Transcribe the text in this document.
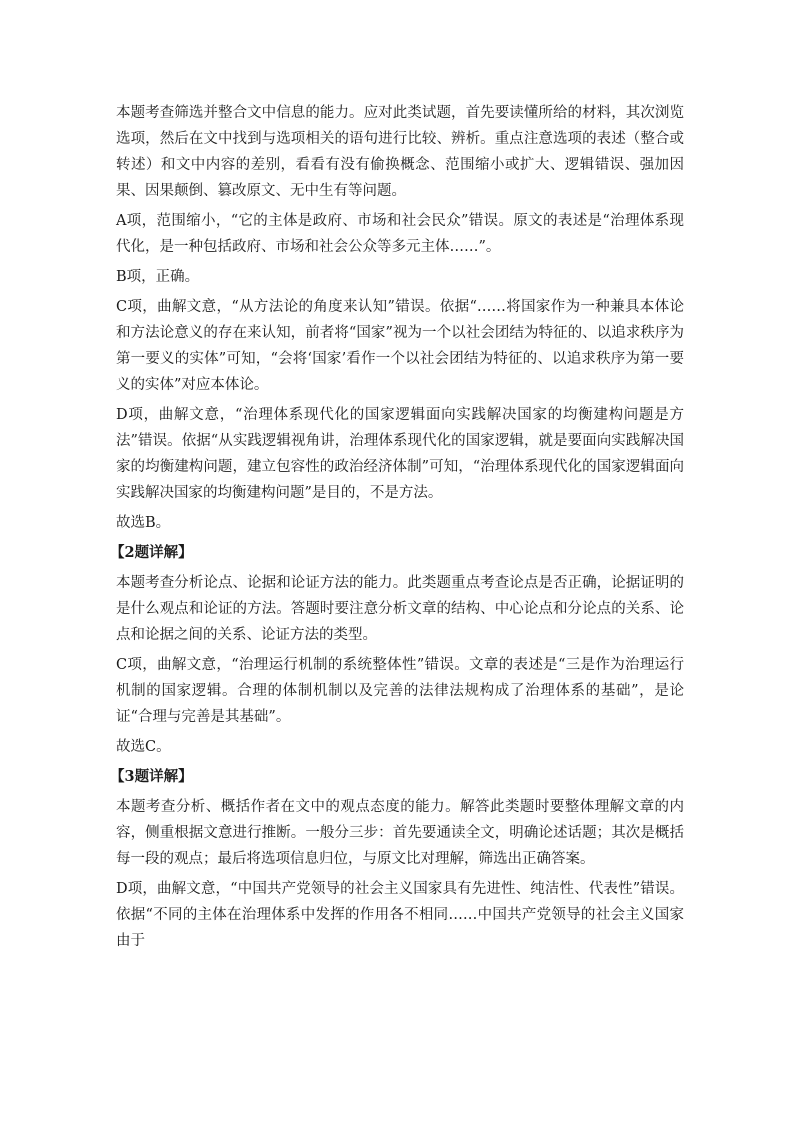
本题考查筛选并整合文中信息的能力。应对此类试题，首先要读懂所给的材料，其次浏览选项，然后在文中找到与选项相关的语句进行比较、辨析。重点注意选项的表述（整合或转述）和文中内容的差别，看看有没有偷换概念、范围缩小或扩大、逻辑错误、强加因果、因果颠倒、篡改原文、无中生有等问题。

A项，范围缩小，“它的主体是政府、市场和社会民众”错误。原文的表述是“治理体系现代化，是一种包括政府、市场和社会公众等多元主体……”。

B项，正确。

C项，曲解文意，“从方法论的角度来认知”错误。依据“……将国家作为一种兼具本体论和方法论意义的存在来认知，前者将“国家”视为一个以社会团结为特征的、以追求秩序为第一要义的实体”可知，“会将‘国家’看作一个以社会团结为特征的、以追求秩序为第一要义的实体”对应本体论。

D项，曲解文意，“治理体系现代化的国家逻辑面向实践解决国家的均衡建构问题是方法”错误。依据“从实践逻辑视角讲，治理体系现代化的国家逻辑，就是要面向实践解决国家的均衡建构问题，建立包容性的政治经济体制”可知，“治理体系现代化的国家逻辑面向实践解决国家的均衡建构问题”是目的，不是方法。

故选B。

【2题详解】

本题考查分析论点、论据和论证方法的能力。此类题重点考查论点是否正确，论据证明的是什么观点和论证的方法。答题时要注意分析文章的结构、中心论点和分论点的关系、论点和论据之间的关系、论证方法的类型。

C项，曲解文意，“治理运行机制的系统整体性”错误。文章的表述是“三是作为治理运行机制的国家逻辑。合理的体制机制以及完善的法律法规构成了治理体系的基础”，是论证“合理与完善是其基础”。

故选C。

【3题详解】

本题考查分析、概括作者在文中的观点态度的能力。解答此类题时要整体理解文章的内容，侧重根据文意进行推断。一般分三步：首先要通读全文，明确论述话题；其次是概括每一段的观点；最后将选项信息归位，与原文比对理解，筛选出正确答案。

D项，曲解文意，“中国共产党领导的社会主义国家具有先进性、纯洁性、代表性”错误。依据“不同的主体在治理体系中发挥的作用各不相同……中国共产党领导的社会主义国家由于
